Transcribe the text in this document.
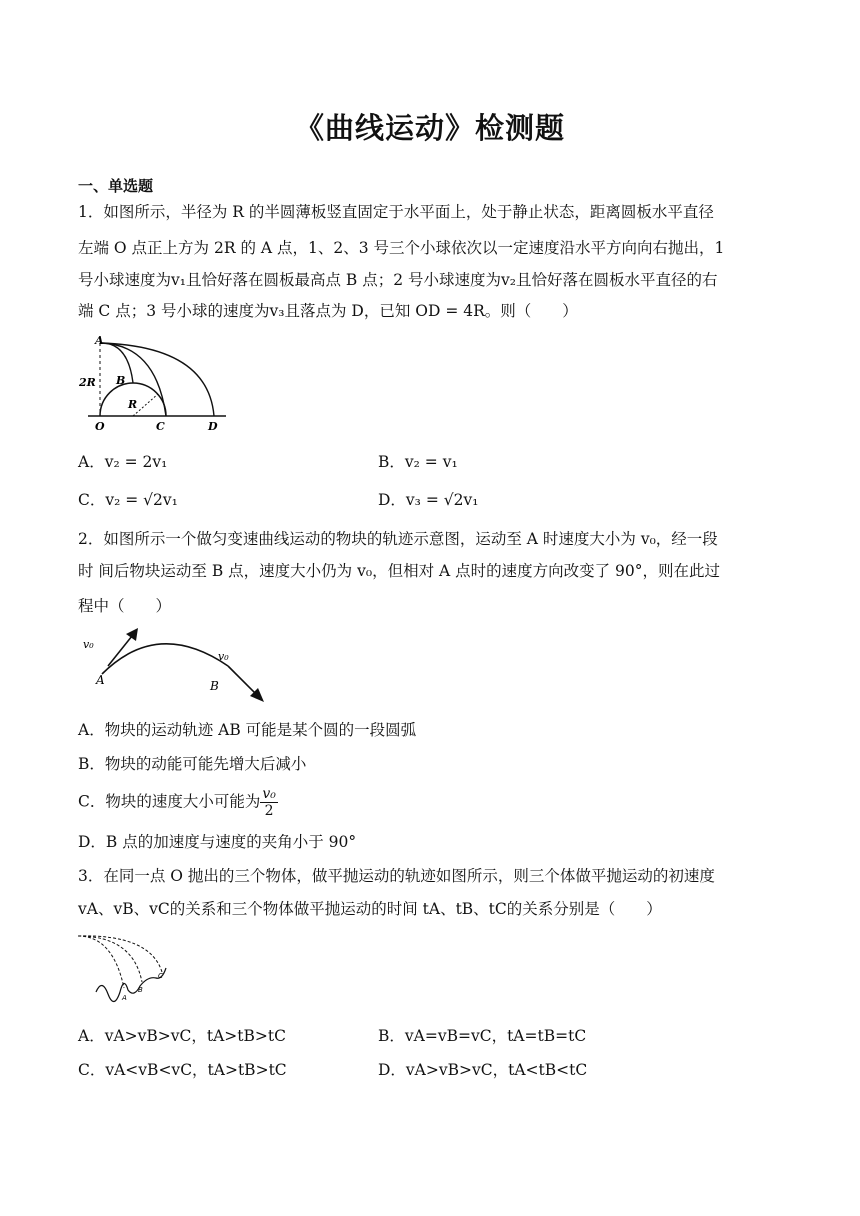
《曲线运动》检测题
一、单选题
1．如图所示，半径为 R 的半圆薄板竖直固定于水平面上，处于静止状态，距离圆板水平直径
左端 O 点正上方为 2R 的 A 点，1、2、3 号三个小球依次以一定速度沿水平方向向右抛出，1
号小球速度为v₁且恰好落在圆板最高点 B 点；2 号小球速度为v₂且恰好落在圆板水平直径的右
端 C 点；3 号小球的速度为v₃且落点为 D，已知 OD = 4R。则（　　）
A
2R B
R
O	C	D
A．v₂ = 2v₁	B．v₂ = v₁
C．v₂ = √2v₁	D．v₃ = √2v₁
2．如图所示一个做匀变速曲线运动的物块的轨迹示意图，运动至 A 时速度大小为 v₀，经一段
时 间后物块运动至 B 点，速度大小仍为 v₀，但相对 A 点时的速度方向改变了 90°，则在此过
程中（　　）
v₀
A
v₀
B
A．物块的运动轨迹 AB 可能是某个圆的一段圆弧
B．物块的动能可能先增大后减小
C．物块的速度大小可能为 $\frac{\text{v₀}}{2}$
D．B 点的加速度与速度的夹角小于 90°
3．在同一点 O 抛出的三个物体，做平抛运动的轨迹如图所示，则三个体做平抛运动的初速度
vA、vB、vC的关系和三个物体做平抛运动的时间 tA、tB、tC的关系分别是（　　）
A
B
C
A．vA>vB>vC，tA>tB>tC	B．vA=vB=vC，tA=tB=tC
C．vA<vB<vC，tA>tB>tC	D．vA>vB>vC，tA<tB<tC
